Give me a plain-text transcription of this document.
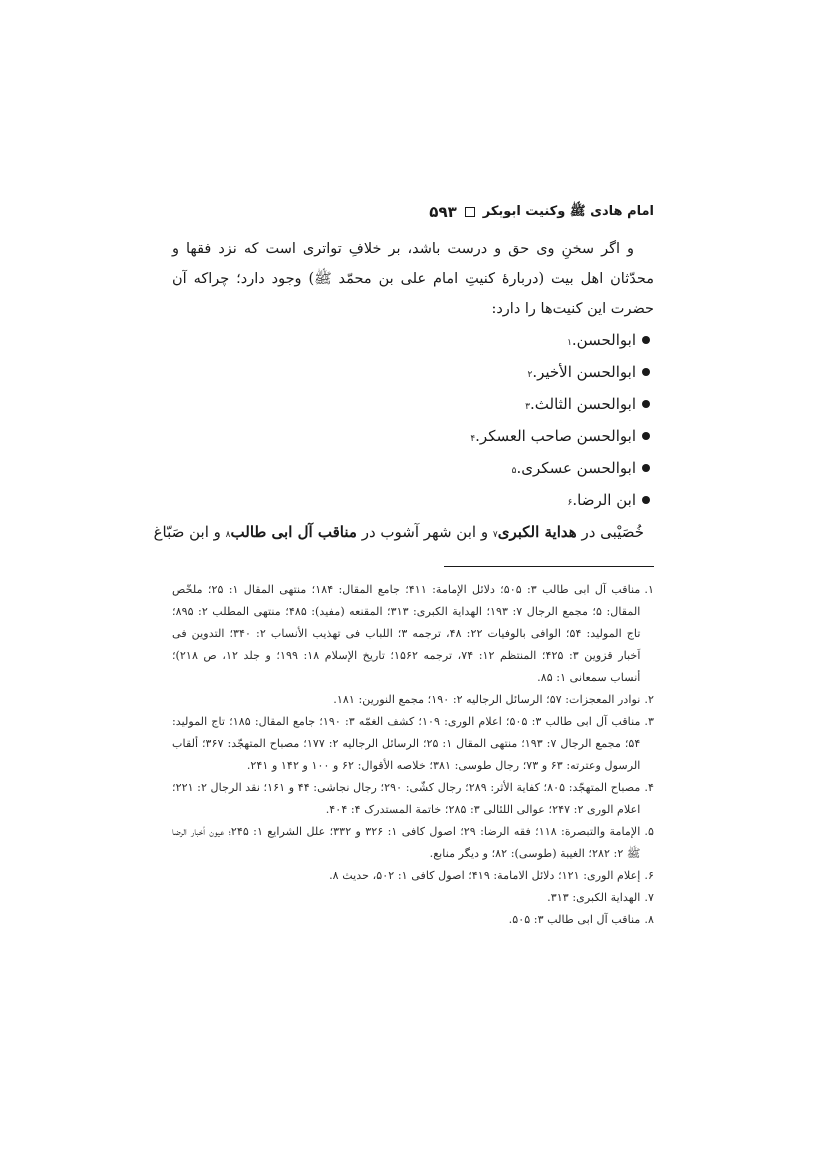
امام هادی ﷺ وکنیت ابوبکر
۵۹۳

و اگر سخنِ وی حق و درست باشد، بر خلافِ تواتری است که نزد فقها و محدّثان اهل بیت (دربارهٔ کنیتِ امام علی بن محمّد ﷺ) وجود دارد؛ چراکه آن حضرت این کنیت‌ها را دارد:

ابوالحسن.
۱
ابوالحسن الأخیر.
۲
ابوالحسن الثالث.
۳
ابوالحسن صاحب العسکر.
۴
ابوالحسن عسکری.
۵
ابن الرضا.
۶
خُصَیْبی در

هدایة الکبری
۷

و ابن شهر آشوب در

مناقب آل ابی طالب
۸

و ابن صَبّاغ
۱.
مناقب آل ابی طالب ۳: ۵۰۵؛ دلائل الإمامة: ۴۱۱؛ جامع المقال: ۱۸۴؛ منتهی المقال ۱: ۲۵؛ ملخّص المقال: ۵؛ مجمع الرجال ۷: ۱۹۳؛ الهدایة الکبری: ۳۱۳؛ المقنعه (مفید): ۴۸۵؛ منتهی المطلب ۲: ۸۹۵؛ تاج المولید: ۵۴؛ الوافی بالوفیات ۲۲: ۴۸، ترجمه ۳؛ اللباب فی تهذیب الأنساب ۲: ۳۴۰؛ التدوین فی اَخبار قزوین ۳: ۴۲۵؛ المنتظم ۱۲: ۷۴، ترجمه ۱۵۶۲؛ تاریخ الإسلام ۱۸: ۱۹۹؛ و جلد ۱۲، ص ۲۱۸)؛ أنساب سمعانی ۱: ۸۵.
۲.
نوادر المعجزات: ۵۷؛ الرسائل الرجالیه ۲: ۱۹۰؛ مجمع النورین: ۱۸۱.
۳.
مناقب آل ابی طالب ۳: ۵۰۵؛ اعلام الوری: ۱۰۹؛ کشف الغمّه ۳: ۱۹۰؛ جامع المقال: ۱۸۵؛ تاج المولید: ۵۴؛ مجمع الرجال ۷: ۱۹۳؛ منتهی المقال ۱: ۲۵؛ الرسائل الرجالیه ۲: ۱۷۷؛ مصباح المتهجّد: ۳۶۷؛ ألقاب الرسول وعترته: ۶۳ و ۷۳؛ رجال طوسی: ۳۸۱؛ خلاصه الأقوال: ۶۲ و ۱۰۰ و ۱۴۲ و ۲۴۱.
۴.
مصباح المتهجّد: ۸۰۵؛ کفایة الأثر: ۲۸۹؛ رجال کشّی: ۲۹۰؛ رجال نجاشی: ۴۴ و ۱۶۱؛ نقد الرجال ۲: ۲۲۱؛ اعلام الوری ۲: ۲۴۷؛ عوالی اللئالی ۳: ۲۸۵؛ خاتمة المستدرک ۴: ۴۰۴.
۵.
الإمامة والتبصرة: ۱۱۸؛ فقه الرضا: ۲۹؛ اصول کافی ۱: ۳۲۶ و ۳۳۲؛ علل الشرایع ۱: ۲۴۵؛ عیون أخبار الرضا ﷺ ۲: ۲۸۲؛ الغیبة (طوسی): ۸۲؛ و دیگر منابع.
۶.
إعلام الوری: ۱۲۱؛ دلائل الامامة: ۴۱۹؛ اصول کافی ۱: ۵۰۲، حدیث ۸.
۷.
الهدایة الکبری: ۳۱۳.
۸.
مناقب آل ابی طالب ۳: ۵۰۵.
